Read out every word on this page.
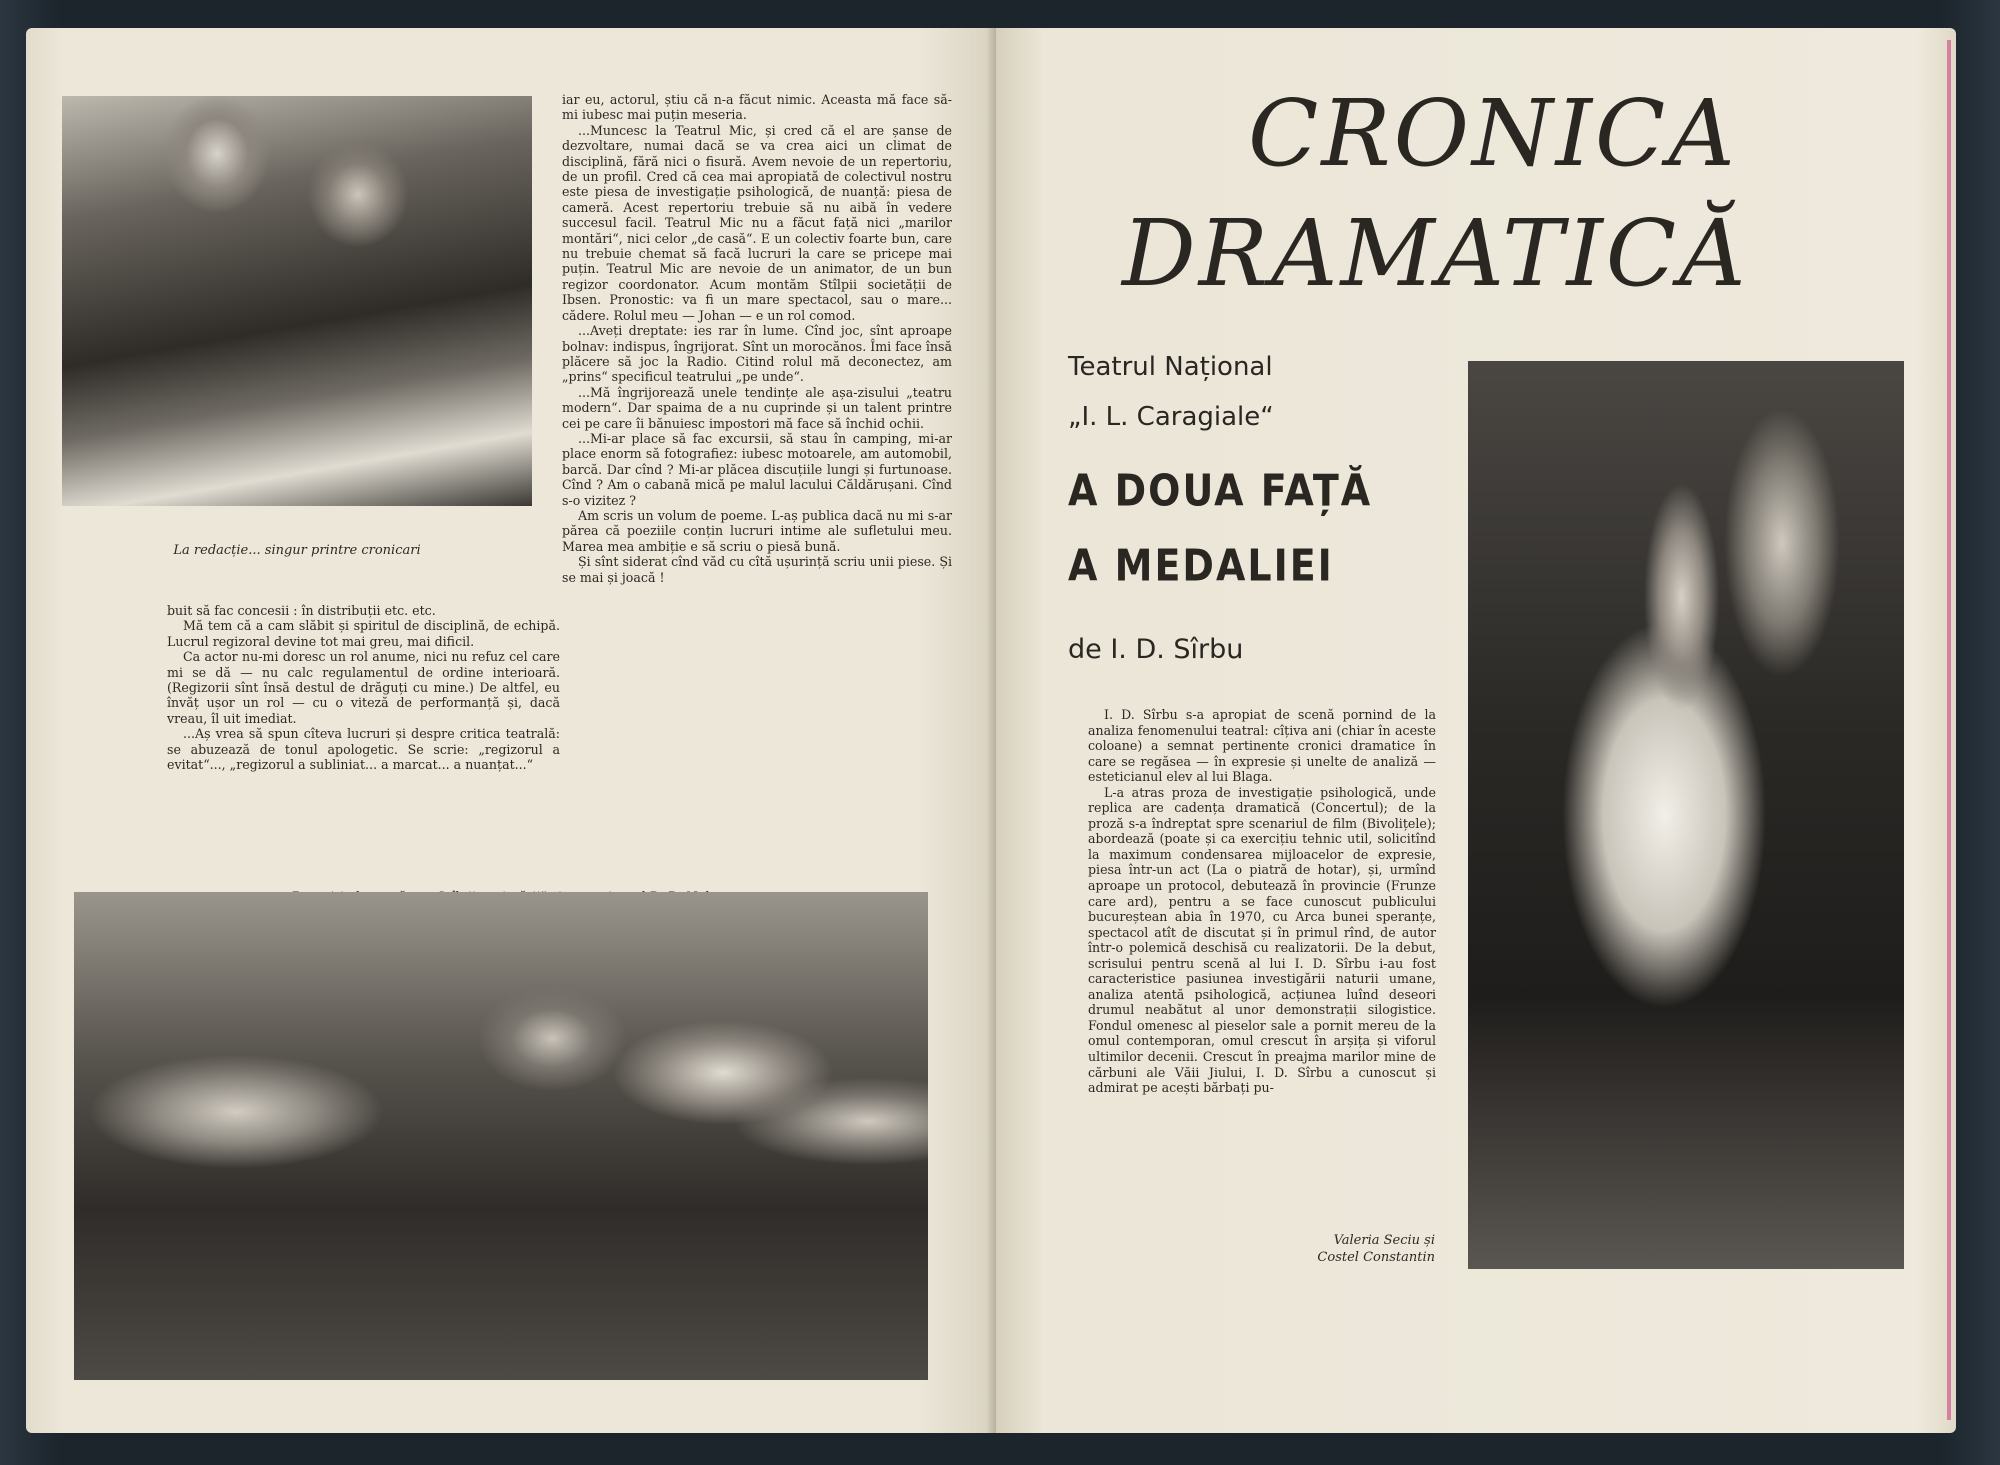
La redacție... singur printre cronicari

buit să fac concesii : în distribuții etc. etc.

Mă tem că a cam slăbit și spiritul de disciplină, de echipă. Lucrul regizoral devine tot mai greu, mai dificil.

Ca actor nu-mi doresc un rol anume, nici nu refuz cel care mi se dă — nu calc regulamentul de ordine interioară. (Regizorii sînt însă destul de drăguți cu mine.) De altfel, eu învăț ușor un rol — cu o viteză de performanță și, dacă vreau, îl uit imediat.

...Aș vrea să spun cîteva lucruri și despre critica teatrală: se abuzează de tonul apologetic. Se scrie: „regizorul a evitat“..., „regizorul a subliniat... a marcat... a nuanțat...“

iar eu, actorul, știu că n-a făcut nimic. Aceasta mă face să-mi iubesc mai puțin meseria.

...Muncesc la Teatrul Mic, și cred că el are șanse de dezvoltare, numai dacă se va crea aici un climat de disciplină, fără nici o fisură. Avem nevoie de un repertoriu, de un profil. Cred că cea mai apropiată de colectivul nostru este piesa de investigație psihologică, de nuanță: piesa de cameră. Acest repertoriu trebuie să nu aibă în vedere succesul facil. Teatrul Mic nu a făcut față nici „marilor montări“, nici celor „de casă“. E un colectiv foarte bun, care nu trebuie chemat să facă lucruri la care se pricepe mai puțin. Teatrul Mic are nevoie de un animator, de un bun regizor coordonator. Acum montăm Stîlpii societății de Ibsen. Pronostic: va fi un mare spectacol, sau o mare... cădere. Rolul meu — Johan — e un rol comod.

...Aveți dreptate: ies rar în lume. Cînd joc, sînt aproape bolnav: indispus, îngrijorat. Sînt un morocănos. Îmi face însă plăcere să joc la Radio. Citind rolul mă deconectez, am „prins“ specificul teatrului „pe unde“.

...Mă îngrijorează unele tendințe ale așa-zisului „teatru modern“. Dar spaima de a nu cuprinde și un talent printre cei pe care îi bănuiesc impostori mă face să închid ochii.

...Mi-ar place să fac excursii, să stau în camping, mi-ar place enorm să fotografiez: iubesc motoarele, am automobil, barcă. Dar cînd ? Mi-ar plăcea discuțiile lungi și furtunoase. Cînd ? Am o cabană mică pe malul lacului Căldărușani. Cînd s-o vizitez ?

Am scris un volum de poeme. L-aș publica dacă nu mi s-ar părea că poeziile conțin lucruri intime ale sufletului meu. Marea mea ambiție e să scriu o piesă bună.

Și sînt siderat cînd văd cu cîtă ușurință scriu unii piese. Și se mai și joacă !

CRONICA
DRAMATICĂ
Teatrul Național
„I. L. Caragiale“
A DOUA FAȚĂ
A MEDALIEI
de I. D. Sîrbu

I. D. Sîrbu s-a apropiat de scenă pornind de la analiza fenomenului teatral: cîțiva ani (chiar în aceste coloane) a semnat pertinente cronici dramatice în care se regăsea — în expresie și unelte de analiză — esteticianul elev al lui Blaga.

L-a atras proza de investigație psihologică, unde replica are cadența dramatică (Concertul); de la proză s-a îndreptat spre scenariul de film (Bivolițele); abordează (poate și ca exercițiu tehnic util, solicitînd la maximum condensarea mijloacelor de expresie, piesa într-un act (La o piatră de hotar), și, urmînd aproape un protocol, debutează în provincie (Frunze care ard), pentru a se face cunoscut publicului bucureștean abia în 1970, cu Arca bunei speranțe, spectacol atît de discutat și în primul rînd, de autor într-o polemică deschisă cu realizatorii. De la debut, scrisului pentru scenă al lui I. D. Sîrbu i-au fost caracteristice pasiunea investigării naturii umane, analiza atentă psihologică, acțiunea luînd deseori drumul neabătut al unor demonstrații silogistice. Fondul omenesc al pieselor sale a pornit mereu de la omul contemporan, omul crescut în arșița și viforul ultimilor decenii. Crescut în preajma marilor mine de cărbuni ale Văii Jiului, I. D. Sîrbu a cunoscut și admirat pe acești bărbați pu-

Valeria Seciu și
Costel Constantin
